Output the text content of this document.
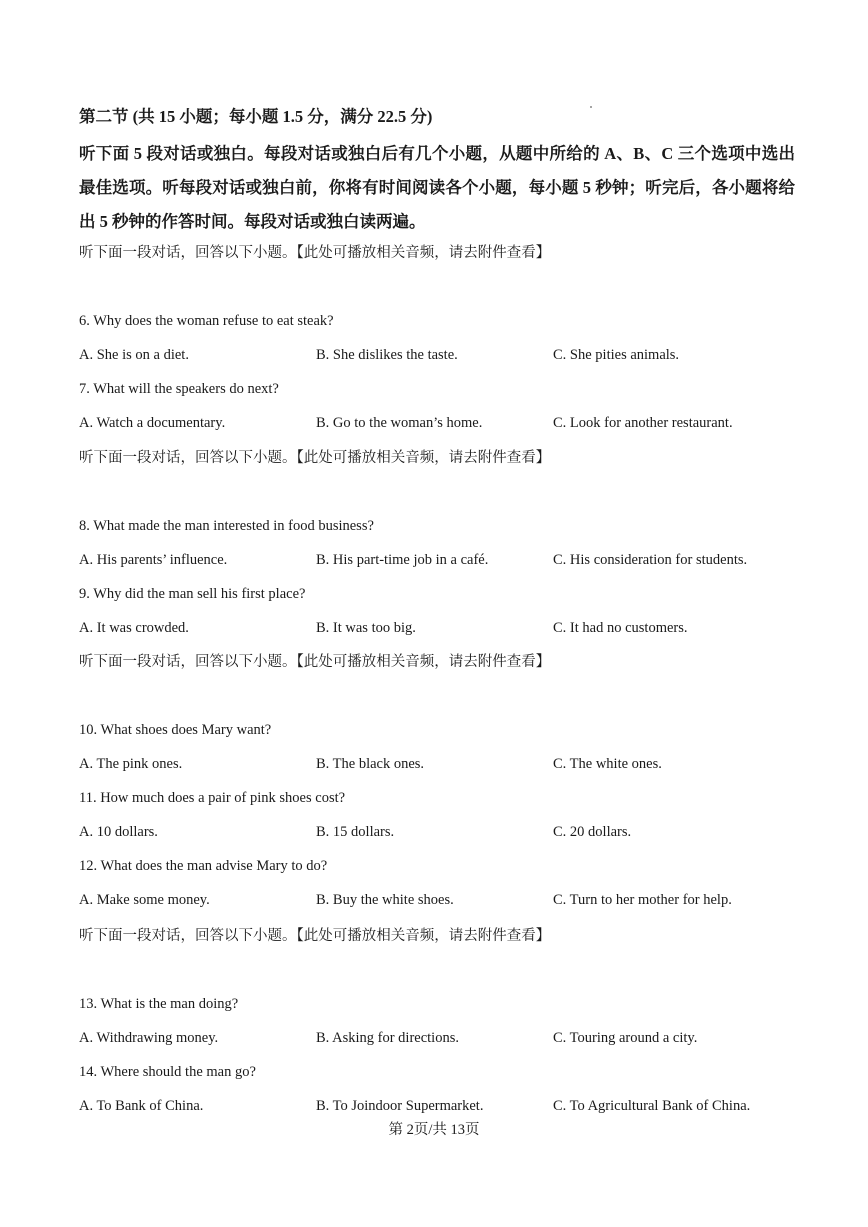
第二节 (共 15 小题；每小题 1.5 分，满分 22.5 分)

听下面 5 段对话或独白。每段对话或独白后有几个小题，从题中所给的 A、B、C 三个选项中选出最佳选项。听每段对话或独白前，你将有时间阅读各个小题，每小题 5 秒钟；听完后，各小题将给出 5 秒钟的作答时间。每段对话或独白读两遍。

听下面一段对话，回答以下小题。【此处可播放相关音频，请去附件查看】

6. Why does the woman refuse to eat steak?

A. She is on a diet.	B. She dislikes the taste.	C. She pities animals.

7. What will the speakers do next?

A. Watch a documentary.	B. Go to the woman’s home.	C. Look for another restaurant.

听下面一段对话，回答以下小题。【此处可播放相关音频，请去附件查看】

8. What made the man interested in food business?

A. His parents’ influence.	B. His part-time job in a café.	C. His consideration for students.

9. Why did the man sell his first place?

A. It was crowded.	B. It was too big.	C. It had no customers.

听下面一段对话，回答以下小题。【此处可播放相关音频，请去附件查看】

10. What shoes does Mary want?

A. The pink ones.	B. The black ones.	C. The white ones.

11. How much does a pair of pink shoes cost?

A. 10 dollars.	B. 15 dollars.	C. 20 dollars.

12. What does the man advise Mary to do?

A. Make some money.	B. Buy the white shoes.	C. Turn to her mother for help.

听下面一段对话，回答以下小题。【此处可播放相关音频，请去附件查看】

13. What is the man doing?

A. Withdrawing money.	B. Asking for directions.	C. Touring around a city.

14. Where should the man go?

A. To Bank of China.	B. To Joindoor Supermarket.	C. To Agricultural Bank of China.
第 2页/共 13页
